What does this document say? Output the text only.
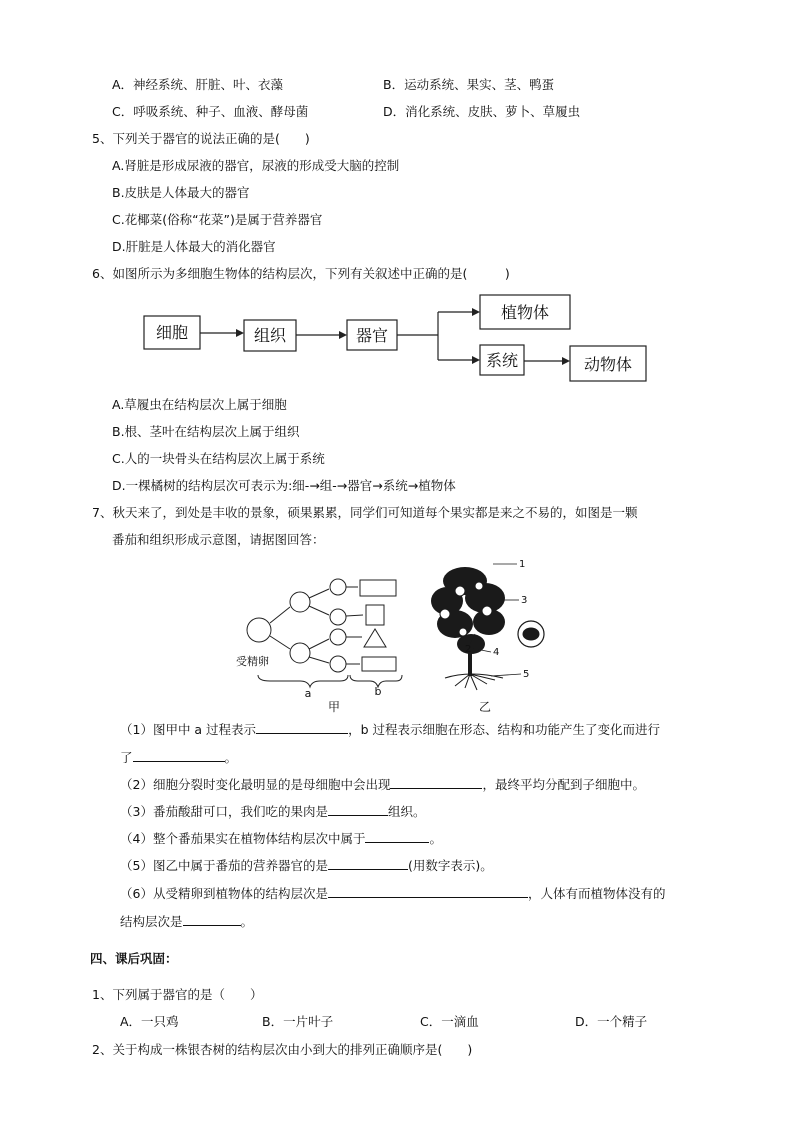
A．神经系统、肝脏、叶、衣藻	B．运动系统、果实、茎、鸭蛋
C．呼吸系统、种子、血液、酵母菌	D．消化系统、皮肤、萝卜、草履虫
5、下列关于器官的说法正确的是(　　)
A.肾脏是形成尿液的器官，尿液的形成受大脑的控制
B.皮肤是人体最大的器官
C.花椰菜(俗称“花菜”)是属于营养器官
D.肝脏是人体最大的消化器官
6、如图所示为多细胞生物体的结构层次，下列有关叙述中正确的是(　　　)
细胞	组织	器官
植物体
系统	动物体
A.草履虫在结构层次上属于细胞
B.根、茎叶在结构层次上属于组织
C.人的一块骨头在结构层次上属于系统
D.一棵橘树的结构层次可表示为:细-→组-→器官→系统→植物体
7、秋天来了，到处是丰收的景象，硕果累累，同学们可知道每个果实都是来之不易的，如图是一颗
番茄和组织形成示意图，请据图回答：
受精卵
a	b
甲
1
2
3
4
5
乙
（1）图甲中 a 过程表示	，b 过程表示细胞在形态、结构和功能产生了变化而进行
了	。
（2）细胞分裂时变化最明显的是母细胞中会出现	，最终平均分配到子细胞中。
（3）番茄酸甜可口，我们吃的果肉是	组织。
（4）整个番茄果实在植物体结构层次中属于	。
（5）图乙中属于番茄的营养器官的是	(用数字表示)。
（6）从受精卵到植物体的结构层次是	，人体有而植物体没有的
结构层次是	。
四、课后巩固：
1、下列属于器官的是（　　）
A．一只鸡	B．一片叶子	C．一滴血	D．一个精子
2、关于构成一株银杏树的结构层次由小到大的排列正确顺序是(　　)
